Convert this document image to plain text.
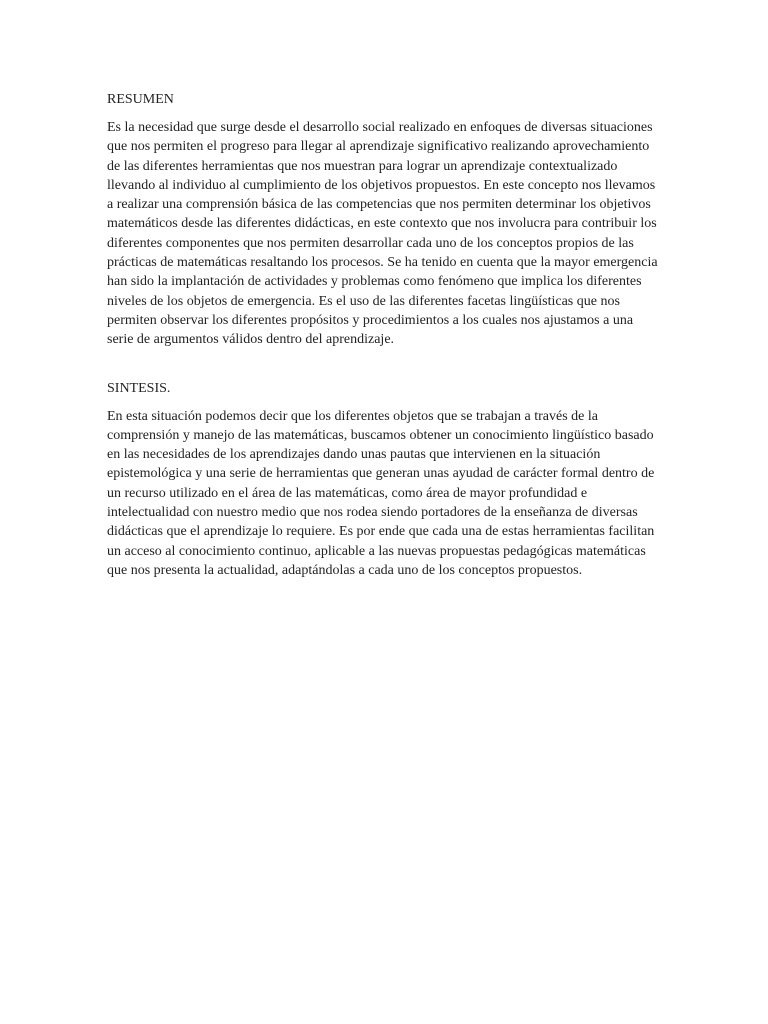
RESUMEN

Es la necesidad que surge desde el desarrollo social realizado en enfoques de diversas situaciones que nos permiten el progreso para llegar al aprendizaje significativo realizando aprovechamiento de las diferentes herramientas que nos muestran para lograr un aprendizaje contextualizado llevando al individuo al cumplimiento de los objetivos propuestos. En este concepto nos llevamos a realizar una comprensión básica de las competencias que nos permiten determinar los objetivos matemáticos desde las diferentes didácticas, en este contexto que nos involucra para contribuir los diferentes componentes que nos permiten desarrollar cada uno de los conceptos propios de las prácticas de matemáticas resaltando los procesos. Se ha tenido en cuenta que la mayor emergencia han sido la implantación de actividades y problemas como fenómeno que implica los diferentes niveles de los objetos de emergencia. Es el uso de las diferentes facetas lingüísticas que nos permiten observar los diferentes propósitos y procedimientos a los cuales nos ajustamos a una serie de argumentos válidos dentro del aprendizaje.

SINTESIS.

En esta situación podemos decir que los diferentes objetos que se trabajan a través de la comprensión y manejo de las matemáticas, buscamos obtener un conocimiento lingüístico basado en las necesidades de los aprendizajes dando unas pautas que intervienen en la situación epistemológica y una serie de herramientas que generan unas ayudad de carácter formal dentro de un recurso utilizado en el área de las matemáticas, como área de mayor profundidad e intelectualidad con nuestro medio que nos rodea siendo portadores de la enseñanza de diversas didácticas que el aprendizaje lo requiere. Es por ende que cada una de estas herramientas facilitan un acceso al conocimiento continuo, aplicable a las nuevas propuestas pedagógicas matemáticas que nos presenta la actualidad, adaptándolas a cada uno de los conceptos propuestos.
